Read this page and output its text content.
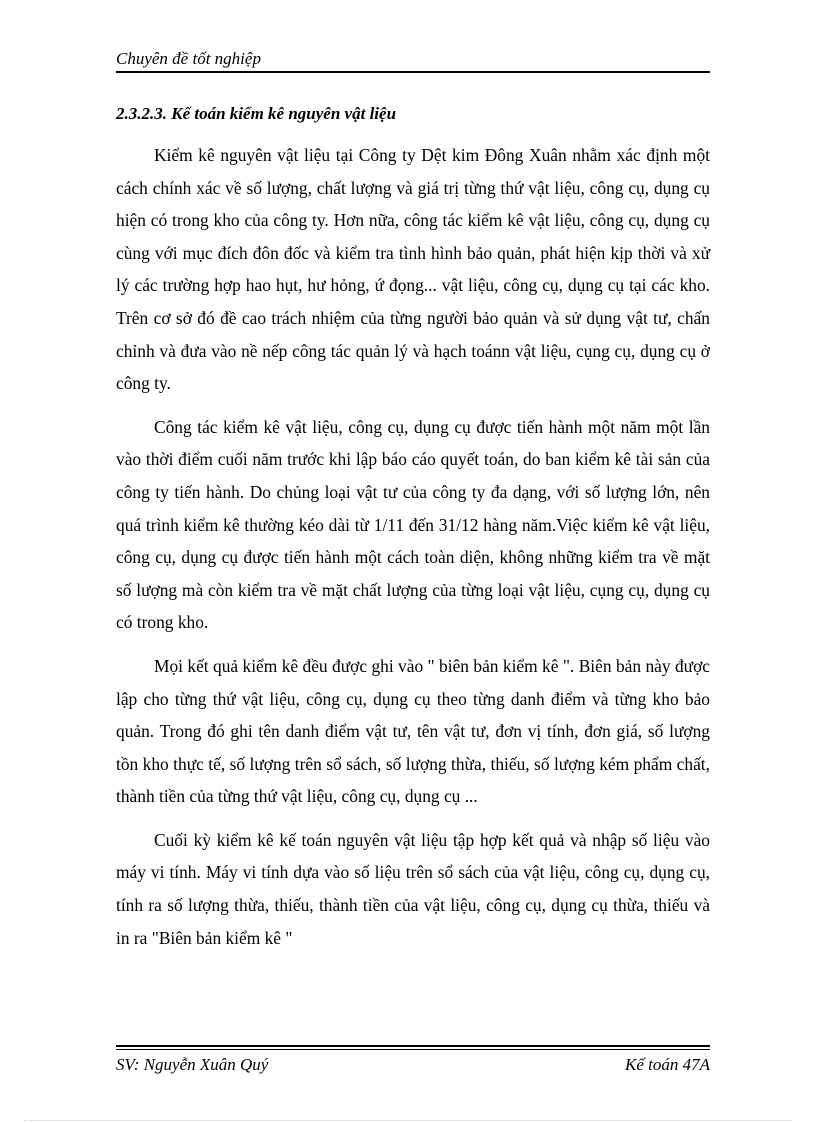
Chuyên đề tốt nghiệp
2.3.2.3. Kế toán kiểm kê nguyên vật liệu

Kiểm kê nguyên vật liệu tại Công ty Dệt kim Đông Xuân nhằm xác định một cách chính xác về số lượng, chất lượng và giá trị từng thứ vật liệu, công cụ, dụng cụ hiện có trong kho của công ty. Hơn nữa, công tác kiểm kê vật liệu, công cụ, dụng cụ cùng với mục đích đôn đốc và kiểm tra tình hình bảo quản, phát hiện kịp thời và xử lý các trường hợp hao hụt, hư hỏng, ứ đọng... vật liệu, công cụ, dụng cụ tại các kho. Trên cơ sở đó đề cao trách nhiệm của từng người bảo quản và sử dụng vật tư, chấn chỉnh và đưa vào nề nếp công tác quản lý và hạch toánn vật liệu, cụng cụ, dụng cụ ở công ty.

Công tác kiểm kê vật liệu, công cụ, dụng cụ được tiến hành một năm một lần vào thời điểm cuối năm trước khi lập báo cáo quyết toán, do ban kiểm kê tài sản của công ty tiến hành. Do chủng loại vật tư của công ty đa dạng, với số lượng lớn, nên quá trình kiểm kê thường kéo dài từ 1/11 đến 31/12 hàng năm.Việc kiểm kê vật liệu, công cụ, dụng cụ được tiến hành một cách toàn diện, không những kiểm tra về mặt số lượng mà còn kiểm tra về mặt chất lượng của từng loại vật liệu, cụng cụ, dụng cụ có trong kho.

Mọi kết quả kiểm kê đều được ghi vào " biên bản kiểm kê ". Biên bản này được lập cho từng thứ vật liệu, công cụ, dụng cụ theo từng danh điểm và từng kho bảo quản. Trong đó ghi tên danh điểm vật tư, tên vật tư, đơn vị tính, đơn giá, số lượng tồn kho thực tế, số lượng trên sổ sách, số lượng thừa, thiếu, số lượng kém phẩm chất, thành tiền của từng thứ vật liệu, công cụ, dụng cụ ...

Cuối kỳ kiểm kê kế toán nguyên vật liệu tập hợp kết quả và nhập số liệu vào máy vi tính. Máy vi tính dựa vào số liệu trên sổ sách của vật liệu, công cụ, dụng cụ, tính ra số lượng thừa, thiếu, thành tiền của vật liệu, công cụ, dụng cụ thừa, thiếu và in ra "Biên bản kiểm kê "

SV: Nguyễn Xuân Quý	Kế toán 47A
